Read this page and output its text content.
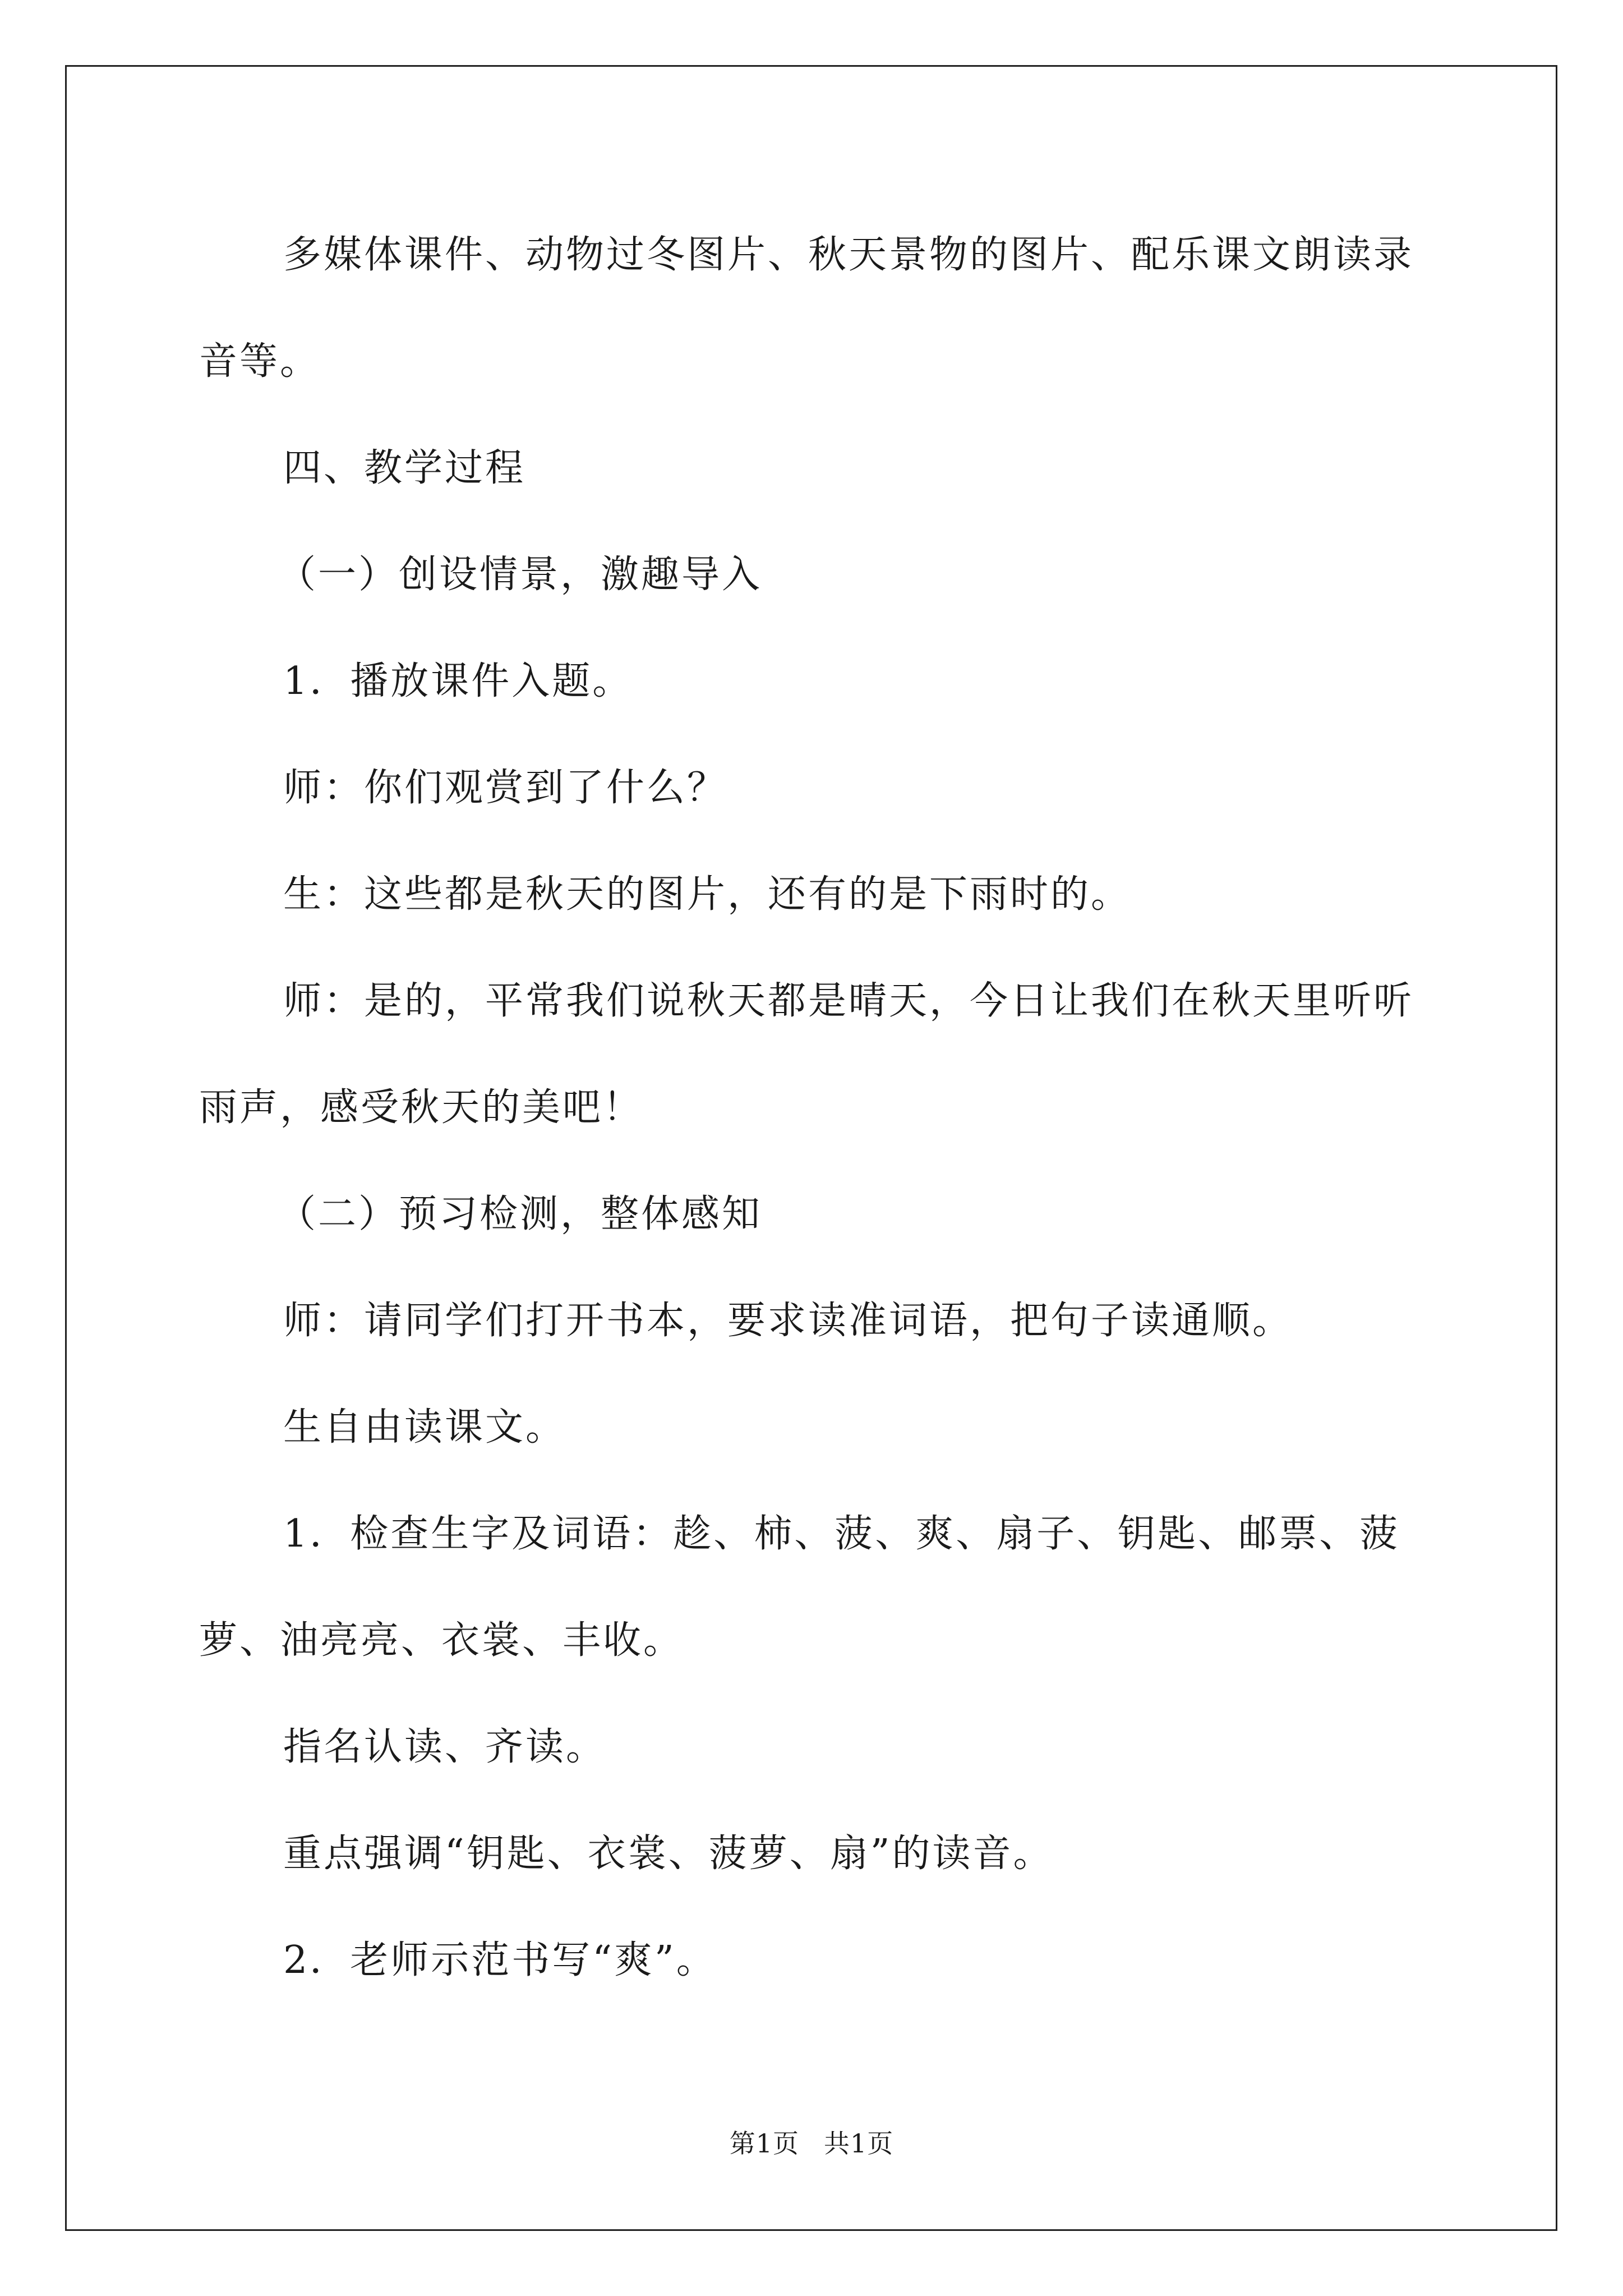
多媒体课件、动物过冬图片、秋天景物的图片、配乐课文朗读录音等。

四、教学过程

（一）创设情景，激趣导入

1．播放课件入题。

师：你们观赏到了什么？

生：这些都是秋天的图片，还有的是下雨时的。

师：是的，平常我们说秋天都是晴天，今日让我们在秋天里听听雨声，感受秋天的美吧！

（二）预习检测，整体感知

师：请同学们打开书本，要求读准词语，把句子读通顺。

生自由读课文。

1．检查生字及词语：趁、柿、菠、爽、扇子、钥匙、邮票、菠萝、油亮亮、衣裳、丰收。

指名认读、齐读。

重点强调“钥匙、衣裳、菠萝、扇”的读音。

2．老师示范书写“爽”。

第1页 共1页
